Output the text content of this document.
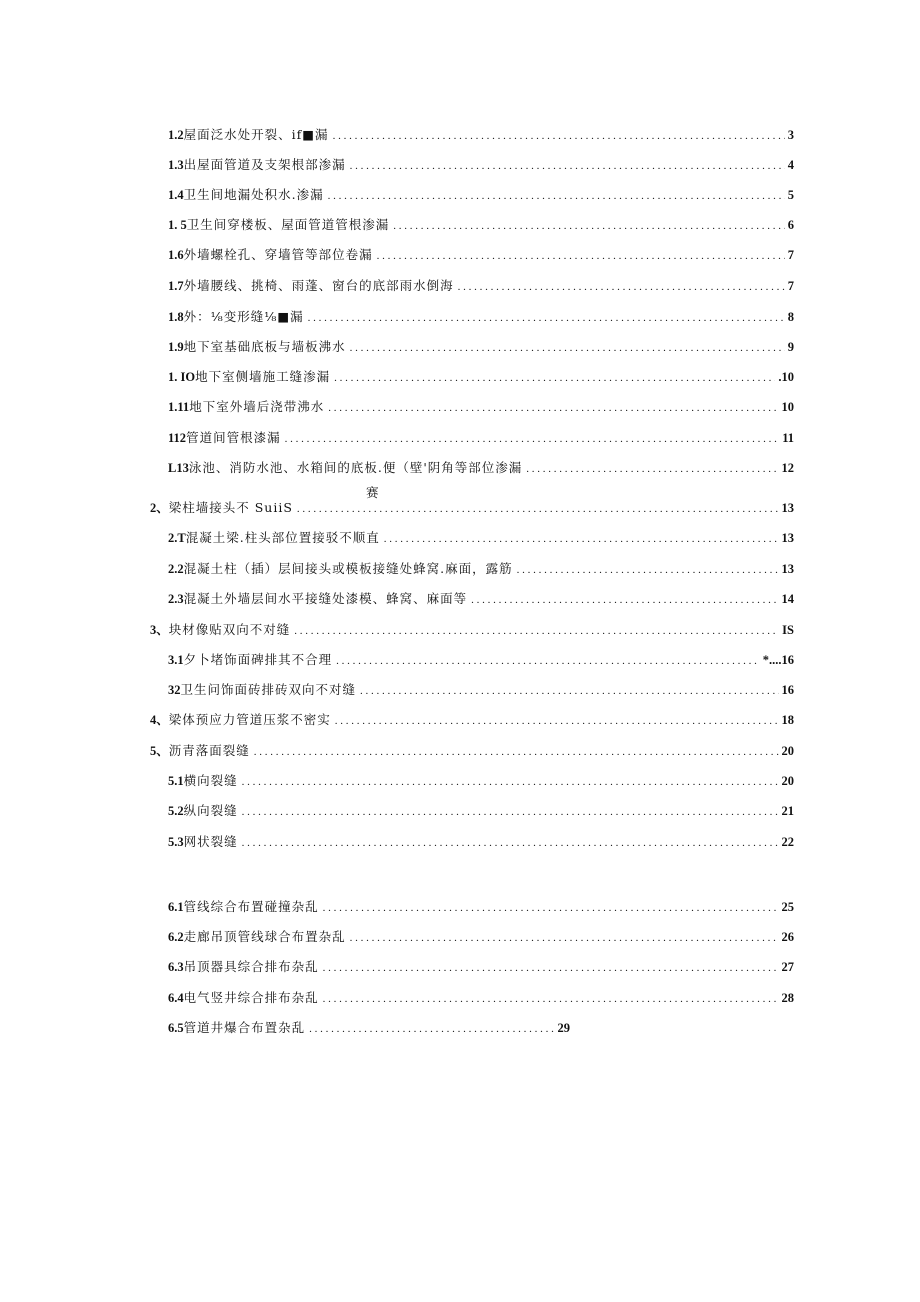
1.2 屋面泛水处开裂、if■漏 . . .	3
1.3 出屋面管道及支架根部渗漏 . . .	4
1.4 卫生间地漏处积水.渗漏 . . .	5
1. 5 卫生间穿楼板、屋面管道管根渗漏 . . .	6
1.6 外墙螺栓孔、穿墙管等部位卷漏 . . .	7
1.7 外墙腰线、挑椅、雨蓬、窗台的底部雨水倒海 . . .	7
1.8 外：⅛变形缝⅛■漏 . . .	8
1.9 地下室基础底板与墙板沸水 . . .	9
1. IO 地下室侧墙施工缝渗漏 . . .	.10
1.11 地下室外墙后浇带沸水 . . .	10
112 管道间管根漆漏 . . .	11
L13 泳池、消防水池、水箱间的底板.便（壁'阴角等部位渗漏 . . .	12
赛
2、 梁柱墙接头不 SuiiS . . .	13
2.T 混凝土梁.柱头部位置接驳不顺直 . . .	13
2.2 混凝土柱（插）层间接头或模板接缝处蜂窝.麻面，露筋 . . .	13
2.3 混凝土外墙层间水平接缝处漆模、蜂窝、麻面等 . . .	14
3、 块材像贴双向不对缝 . . .	IS
3.1 夕卜堵饰面碑排其不合理 . . .	*....16
32 卫生问饰面砖排砖双向不对缝 . . .	16
4、 梁体预应力管道压浆不密实 . . .	18
5、 沥青落面裂缝 . . .	20
5.1 横向裂缝 . . .	20
5.2 纵向裂缝 . . .	21
5.3 网状裂缝 . . .	22
6.1 管线综合布置碰撞杂乱 . . .	25
6.2 走廊吊顶管线球合布置杂乱 . . .	26
6.3 吊顶器具综合排布杂乱 . . .	27
6.4 电气竖井综合排布杂乱 . . .	28
6.5 管道井爆合布置杂乱 . . .	29
